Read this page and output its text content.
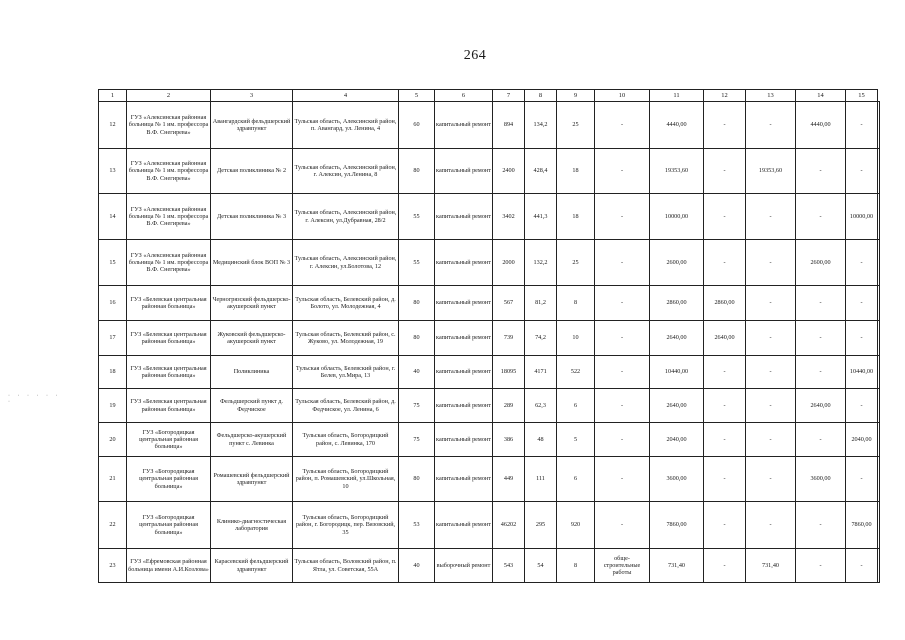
264
· · · · · · ·
1	2	3	4	5	6	7	8	9	10	11	12	13	14	15	
12	ГУЗ «Алексинская районная больница № 1 им. профессора В.Ф. Снегирева»	Авангардский фельдшерский здравпункт	Тульская область, Алексинский район, п. Авангард, ул. Ленина, 4	60	капитальный ремонт	894	134,2	25	-	4440,00	-	-	4440,00	-	
13	ГУЗ «Алексинская районная больница № 1 им. профессора В.Ф. Снегирева»	Детская поликлиника № 2	Тульская область, Алексинский район, г. Алексин, ул.Ленина, 8	80	капитальный ремонт	2400	428,4	18	-	19353,60	-	19353,60	-	-	
14	ГУЗ «Алексинская районная больница № 1 им. профессора В.Ф. Снегирева»	Детская поликлиника № 3	Тульская область, Алексинский район, г. Алексин, ул.Дубравная, 28/2	55	капитальный ремонт	3402	441,3	18	-	10000,00	-	-	-	10000,00	
15	ГУЗ «Алексинская районная больница № 1 им. профессора В.Ф. Снегирева»	Медицинский блок ВОП № 3	Тульская область, Алексинский район, г. Алексин, ул.Болотова, 12	55	капитальный ремонт	2000	132,2	25	-	2600,00	-	-	2600,00	-	
16	ГУЗ «Белевская центральная районная больница»	Черногрязский фельдшерско-акушерский пункт	Тульская область, Белевский район, д. Болото, ул. Молодежная, 4	80	капитальный ремонт	567	81,2	8	-	2860,00	2860,00	-	-	-	
17	ГУЗ «Белевская центральная районная больница»	Жуковский фельдшерско-акушерский пункт	Тульская область, Белевский район, с. Жуково, ул. Молодежная, 19	80	капитальный ремонт	739	74,2	10	-	2640,00	2640,00	-	-	-	
18	ГУЗ «Белевская центральная районная больница»	Поликлиника	Тульская область, Белевский район, г. Белев, ул.Мира, 13	40	капитальный ремонт	18095	4171	522	-	10440,00	-	-	-	10440,00	
19	ГУЗ «Белевская центральная районная больница»	Фельдшерский пункт д. Федчиское	Тульская область, Белевский район, д. Федчиское, ул. Ленина, 6	75	капитальный ремонт	289	62,3	6	-	2640,00	-	-	2640,00	-	
20	ГУЗ «Богородицкая центральная районная больница»	Фельдшерско-акушерский пункт с. Левинка	Тульская область, Богородицкий район, с. Левинка, 170	75	капитальный ремонт	386	48	5	-	2040,00	-	-	-	2040,00	
21	ГУЗ «Богородицкая центральная районная больница»	Ромашевский фельдшерский здравпункт	Тульская область, Богородицкий район, п. Ромашевский, ул.Школьная, 10	80	капитальный ремонт	449	111	6	-	3600,00	-	-	3600,00	-	
22	ГУЗ «Богородицкая центральная районная больница»	Клинико-диагностическая лаборатория	Тульская область, Богородицкий район, г. Богородицк, пер. Вязовский, 35	53	капитальный ремонт	46202	295	920	-	7860,00	-	-	-	7860,00	
23	ГУЗ «Ефремовская районная больница имени А.И.Козлова»	Карасевский фельдшерский здравпункт	Тульская область, Воловский район, п. Ятла, ул. Советская, 55А	40	выборочный ремонт	543	54	8	обще-строительные работы	731,40	-	731,40	-	-	
